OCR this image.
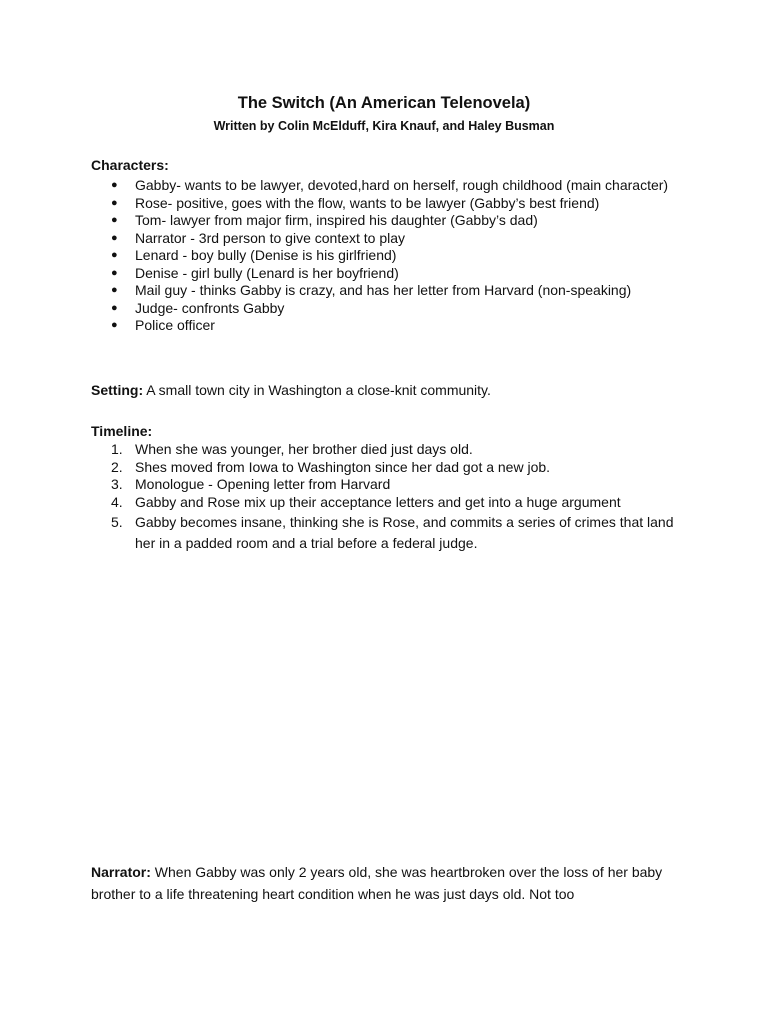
The Switch (An American Telenovela)
Written by Colin McElduff, Kira Knauf, and Haley Busman
Characters:
● Gabby- wants to be lawyer, devoted,hard on herself, rough childhood (main character)
● Rose- positive, goes with the flow, wants to be lawyer (Gabby’s best friend)
● Tom- lawyer from major firm, inspired his daughter (Gabby’s dad)
● Narrator - 3rd person to give context to play
● Lenard - boy bully (Denise is his girlfriend)
● Denise - girl bully (Lenard is her boyfriend)
● Mail guy - thinks Gabby is crazy, and has her letter from Harvard (non-speaking)
● Judge- confronts Gabby
● Police officer
Setting: A small town city in Washington a close-knit community.
Timeline:
1. When she was younger, her brother died just days old.
2. Shes moved from Iowa to Washington since her dad got a new job.
3. Monologue - Opening letter from Harvard
4. Gabby and Rose mix up their acceptance letters and get into a huge argument
5. Gabby becomes insane, thinking she is Rose, and commits a series of crimes that land her in a padded room and a trial before a federal judge.
Narrator: When Gabby was only 2 years old, she was heartbroken over the loss of her baby brother to a life threatening heart condition when he was just days old. Not too
